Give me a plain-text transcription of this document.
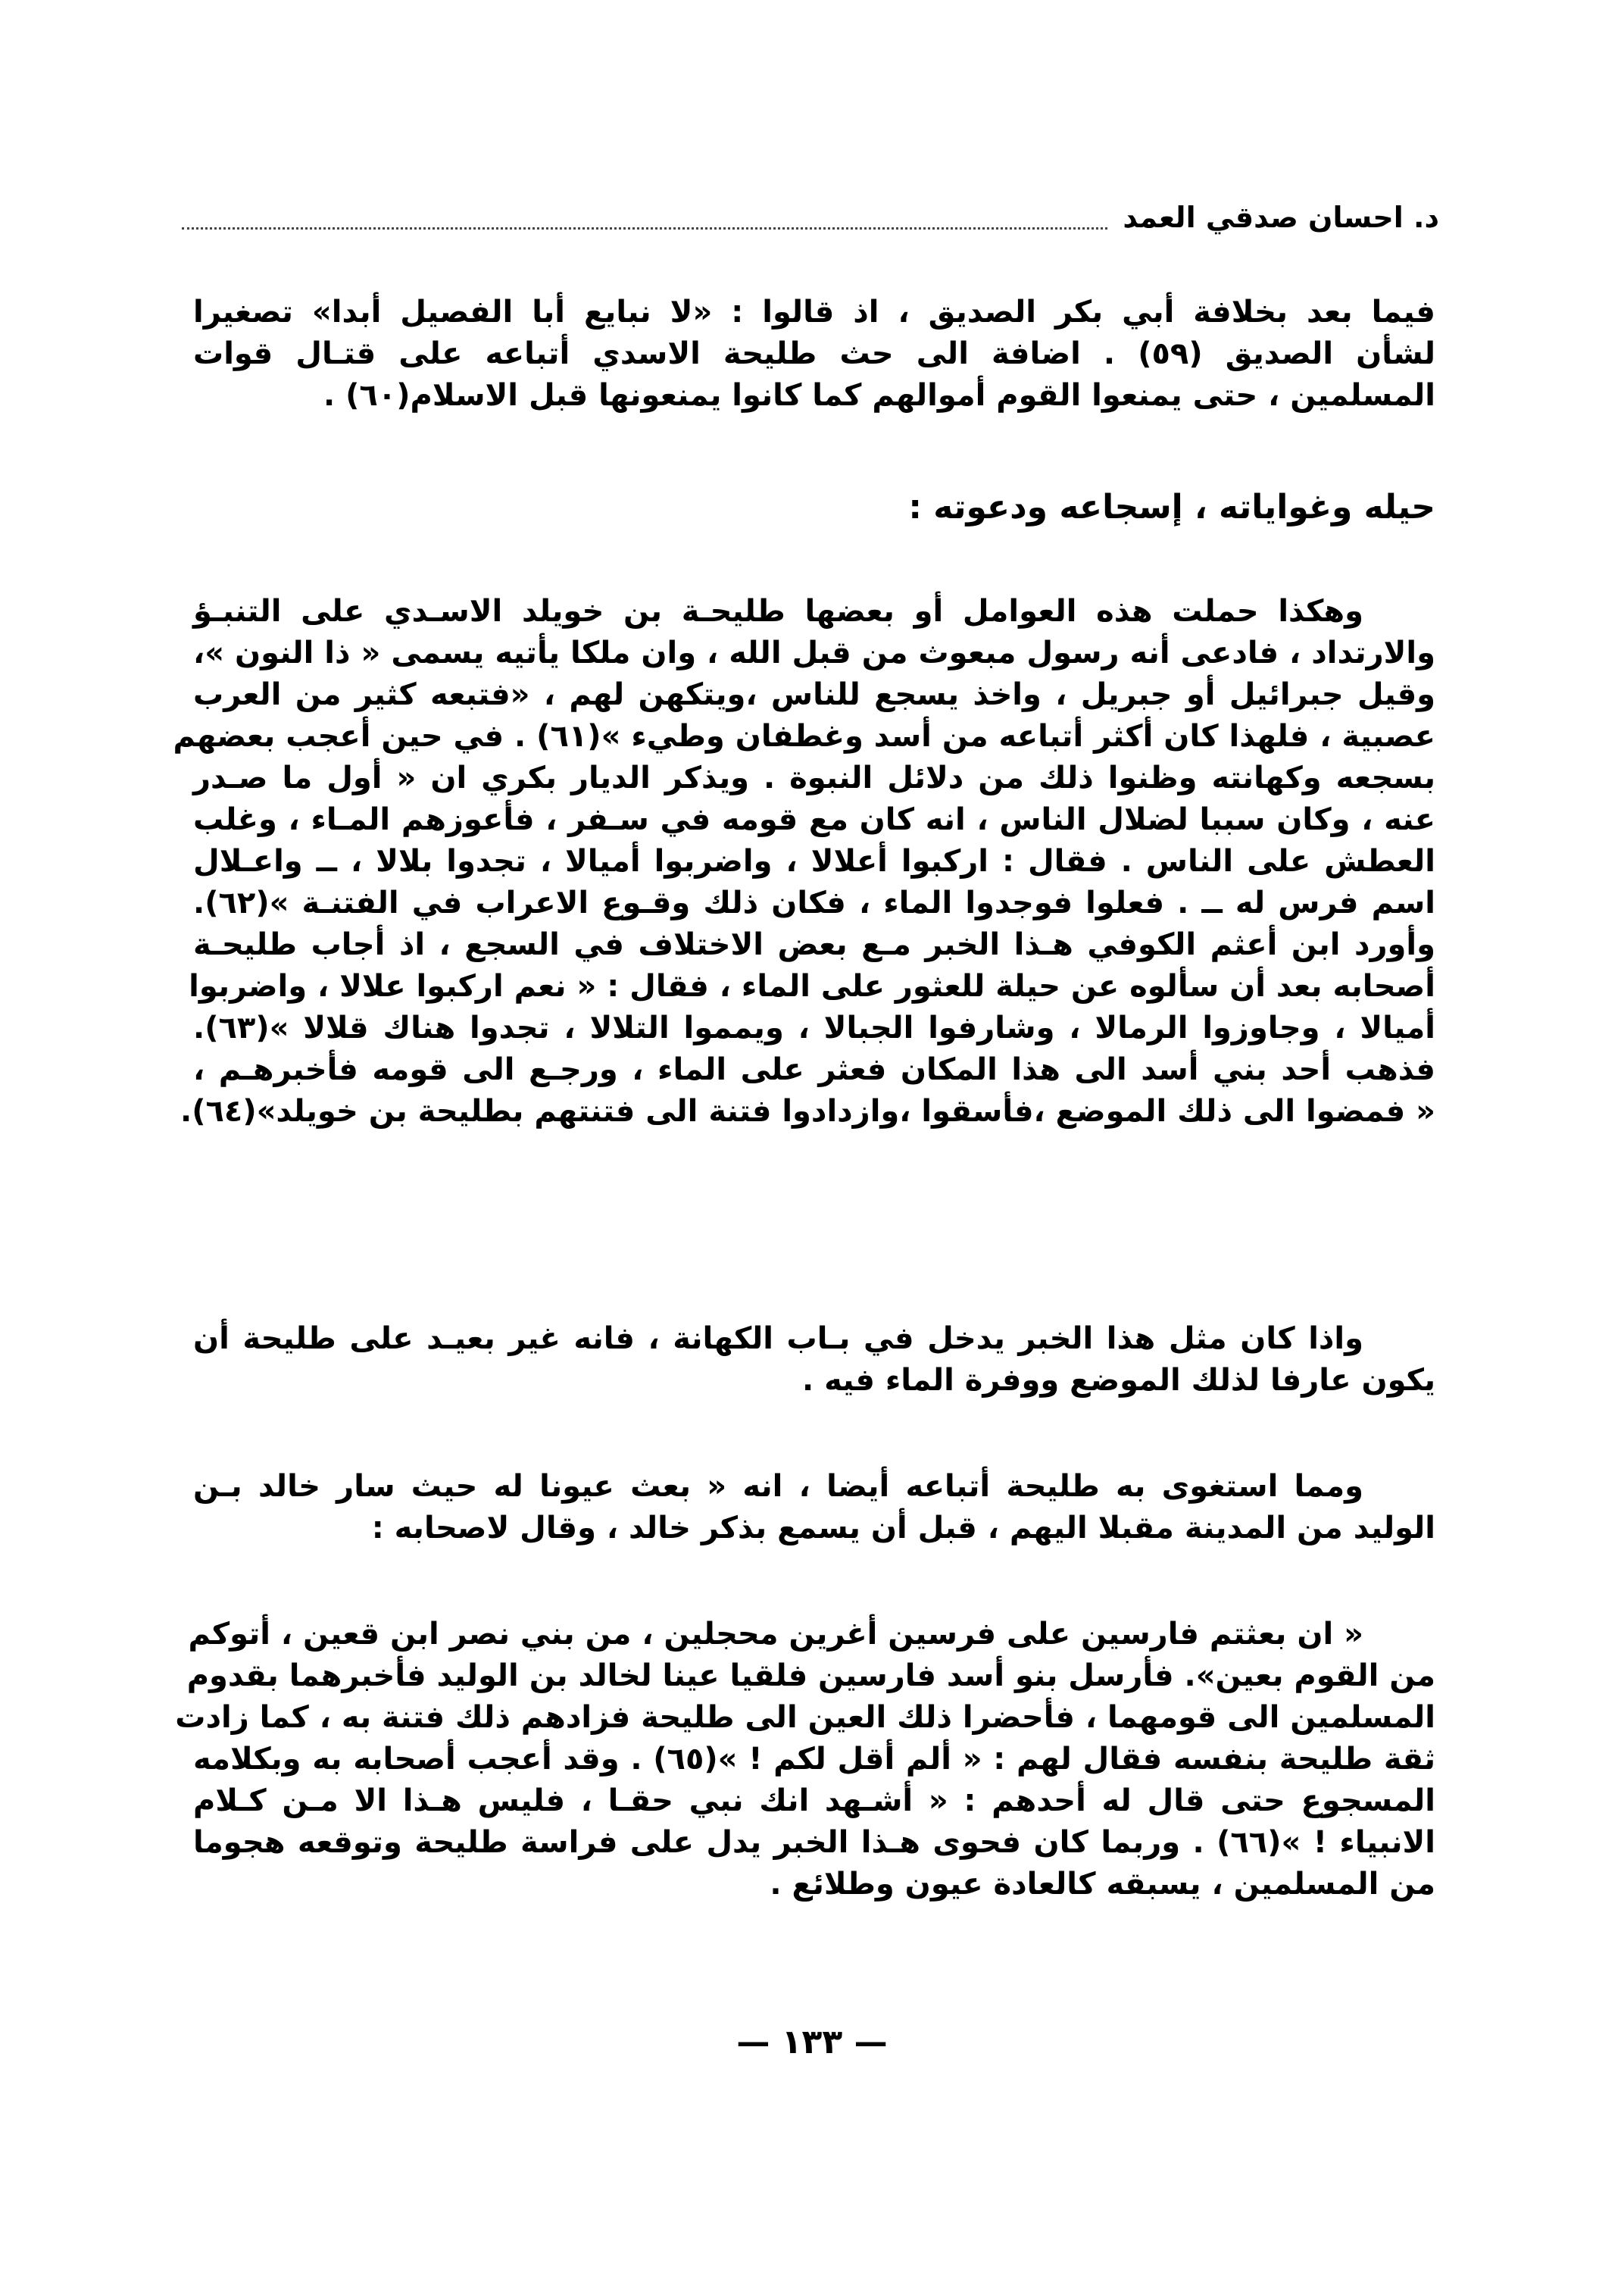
د. احسان صدقي العمد
فيما بعد بخلافة أبي بكر الصديق ، اذ قالوا : «لا نبايع أبا الفصيل أبدا» تصغيرا
لشأن الصديق (٥٩) . اضافة الى حث طليحة الاسدي أتباعه على قتـال قوات
المسلمين ، حتى يمنعوا القوم أموالهم كما كانوا يمنعونها قبل الاسلام(٦٠) .
حيله وغواياته ، إسجاعه ودعوته :
وهكذا حملت هذه العوامل أو بعضها طليحـة بن خويلد الاسـدي على التنبـؤ
والارتداد ، فادعى أنه رسول مبعوث من قبل الله ، وان ملكا يأتيه يسمى « ذا النون »،
وقيل جبرائيل أو جبريل ، واخذ يسجع للناس ،ويتكهن لهم ، «فتبعه كثير من العرب
عصبية ، فلهذا كان أكثر أتباعه من أسد وغطفان وطيء »(٦١) . في حين أعجب بعضهم
بسجعه وكهانته وظنوا ذلك من دلائل النبوة . ويذكر الديار بكري ان « أول ما صـدر
عنه ، وكان سببا لضلال الناس ، انه كان مع قومه في سـفر ، فأعوزهم المـاء ، وغلب
العطش على الناس . فقال : اركبوا أعلالا ، واضربوا أميالا ، تجدوا بلالا ، ــ واعـلال
اسم فرس له ــ . فعلوا فوجدوا الماء ، فكان ذلك وقـوع الاعراب في الفتنـة »(٦٢).
وأورد ابن أعثم الكوفي هـذا الخبر مـع بعض الاختلاف في السجع ، اذ أجاب طليحـة
أصحابه بعد أن سألوه عن حيلة للعثور على الماء ، فقال : « نعم اركبوا علالا ، واضربوا
أميالا ، وجاوزوا الرمالا ، وشارفوا الجبالا ، ويمموا التلالا ، تجدوا هناك قلالا »(٦٣).
فذهب أحد بني أسد الى هذا المكان فعثر على الماء ، ورجـع الى قومه فأخبرهـم ،
« فمضوا الى ذلك الموضع ،فأسقوا ،وازدادوا فتنة الى فتنتهم بطليحة بن خويلد»(٦٤).
واذا كان مثل هذا الخبر يدخل في بـاب الكهانة ، فانه غير بعيـد على طليحة أن
يكون عارفا لذلك الموضع ووفرة الماء فيه .
ومما استغوى به طليحة أتباعه أيضا ، انه « بعث عيونا له حيث سار خالد بـن
الوليد من المدينة مقبلا اليهم ، قبل أن يسمع بذكر خالد ، وقال لاصحابه :
« ان بعثتم فارسين على فرسين أغرين محجلين ، من بني نصر ابن قعين ، أتوكم
من القوم بعين». فأرسل بنو أسد فارسين فلقيا عينا لخالد بن الوليد فأخبرهما بقدوم
المسلمين الى قومهما ، فأحضرا ذلك العين الى طليحة فزادهم ذلك فتنة به ، كما زادت
ثقة طليحة بنفسه فقال لهم : « ألم أقل لكم ! »(٦٥) . وقد أعجب أصحابه به وبكلامه
المسجوع حتى قال له أحدهم : « أشـهد انك نبي حقـا ، فليس هـذا الا مـن كـلام
الانبياء ! »(٦٦) . وربما كان فحوى هـذا الخبر يدل على فراسة طليحة وتوقعه هجوما
من المسلمين ، يسبقه كالعادة عيون وطلائع .
— ١٣٣ —
